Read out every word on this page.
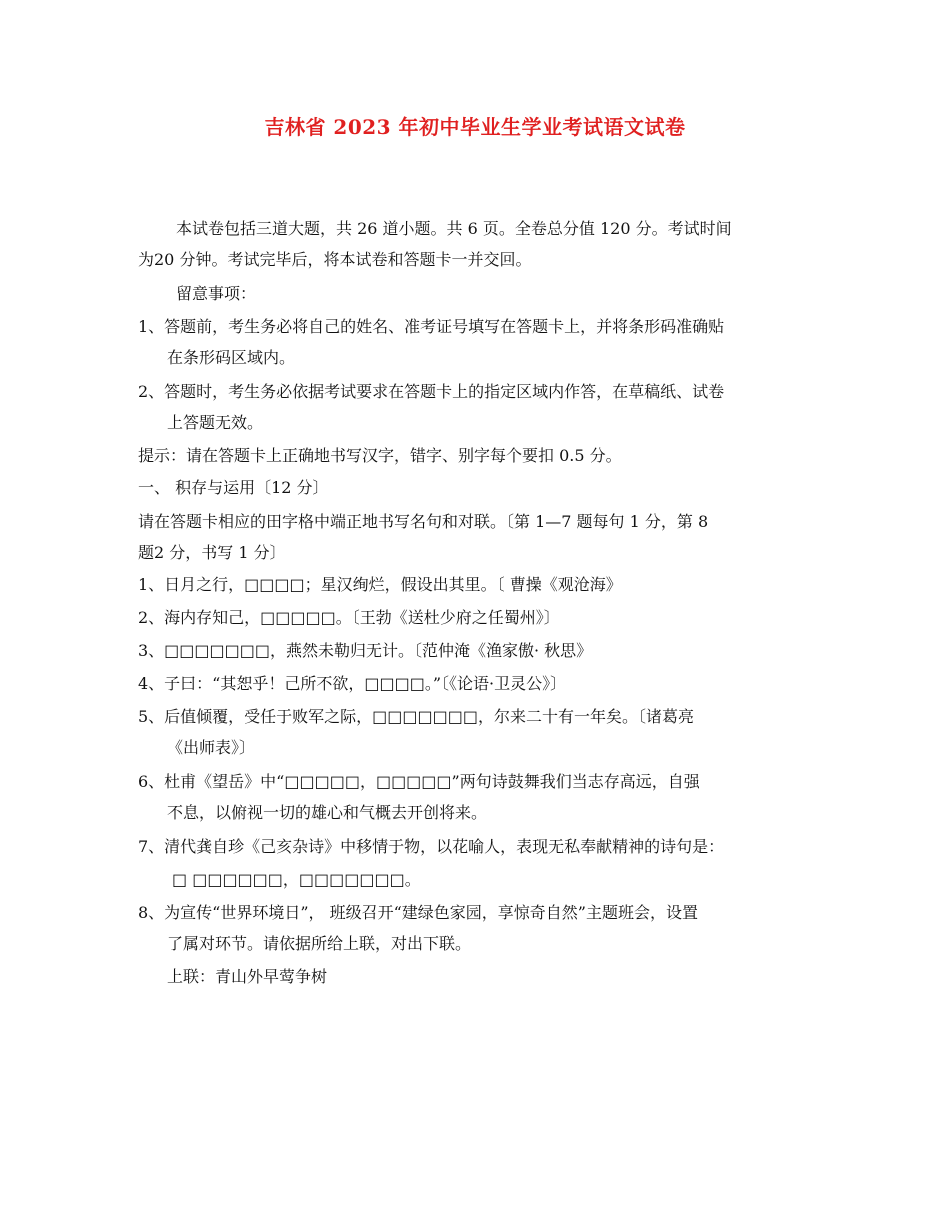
吉林省 2023 年初中毕业生学业考试语文试卷
本试卷包括三道大题，共 26 道小题。共 6 页。全卷总分值 120 分。考试时间
为20 分钟。考试完毕后，将本试卷和答题卡一并交回。
留意事项：
1、答题前，考生务必将自己的姓名、准考证号填写在答题卡上，并将条形码准确贴
在条形码区域内。
2、答题时，考生务必依据考试要求在答题卡上的指定区域内作答，在草稿纸、试卷
上答题无效。
提示：请在答题卡上正确地书写汉字，错字、别字每个要扣 0.5 分。
一、 积存与运用〔12 分〕
请在答题卡相应的田字格中端正地书写名句和对联。〔第 1—7 题每句 1 分，第 8
题2 分，书写 1 分〕
1、日月之行，□□□□；星汉绚烂，假设出其里。〔 曹操《观沧海》
2、海内存知己，□□□□□。〔王勃《送杜少府之任蜀州》〕
3、□□□□□□□，燕然未勒归无计。〔范仲淹《渔家傲· 秋思》
4、子曰：“其恕乎！己所不欲，□□□□。”〔《论语·卫灵公》〕
5、后值倾覆，受任于败军之际，□□□□□□□，尔来二十有一年矣。〔诸葛亮
《出师表》〕
6、杜甫《望岳》中“□□□□□，□□□□□”两句诗鼓舞我们当志存高远，自强
不息，以俯视一切的雄心和气概去开创将来。
7、清代龚自珍《己亥杂诗》中移情于物，以花喻人，表现无私奉献精神的诗句是：
□ □□□□□□，□□□□□□□。
8、为宣传“世界环境日”， 班级召开“建绿色家园，享惊奇自然”主题班会，设置
了属对环节。请依据所给上联，对出下联。
上联：青山外早莺争树
